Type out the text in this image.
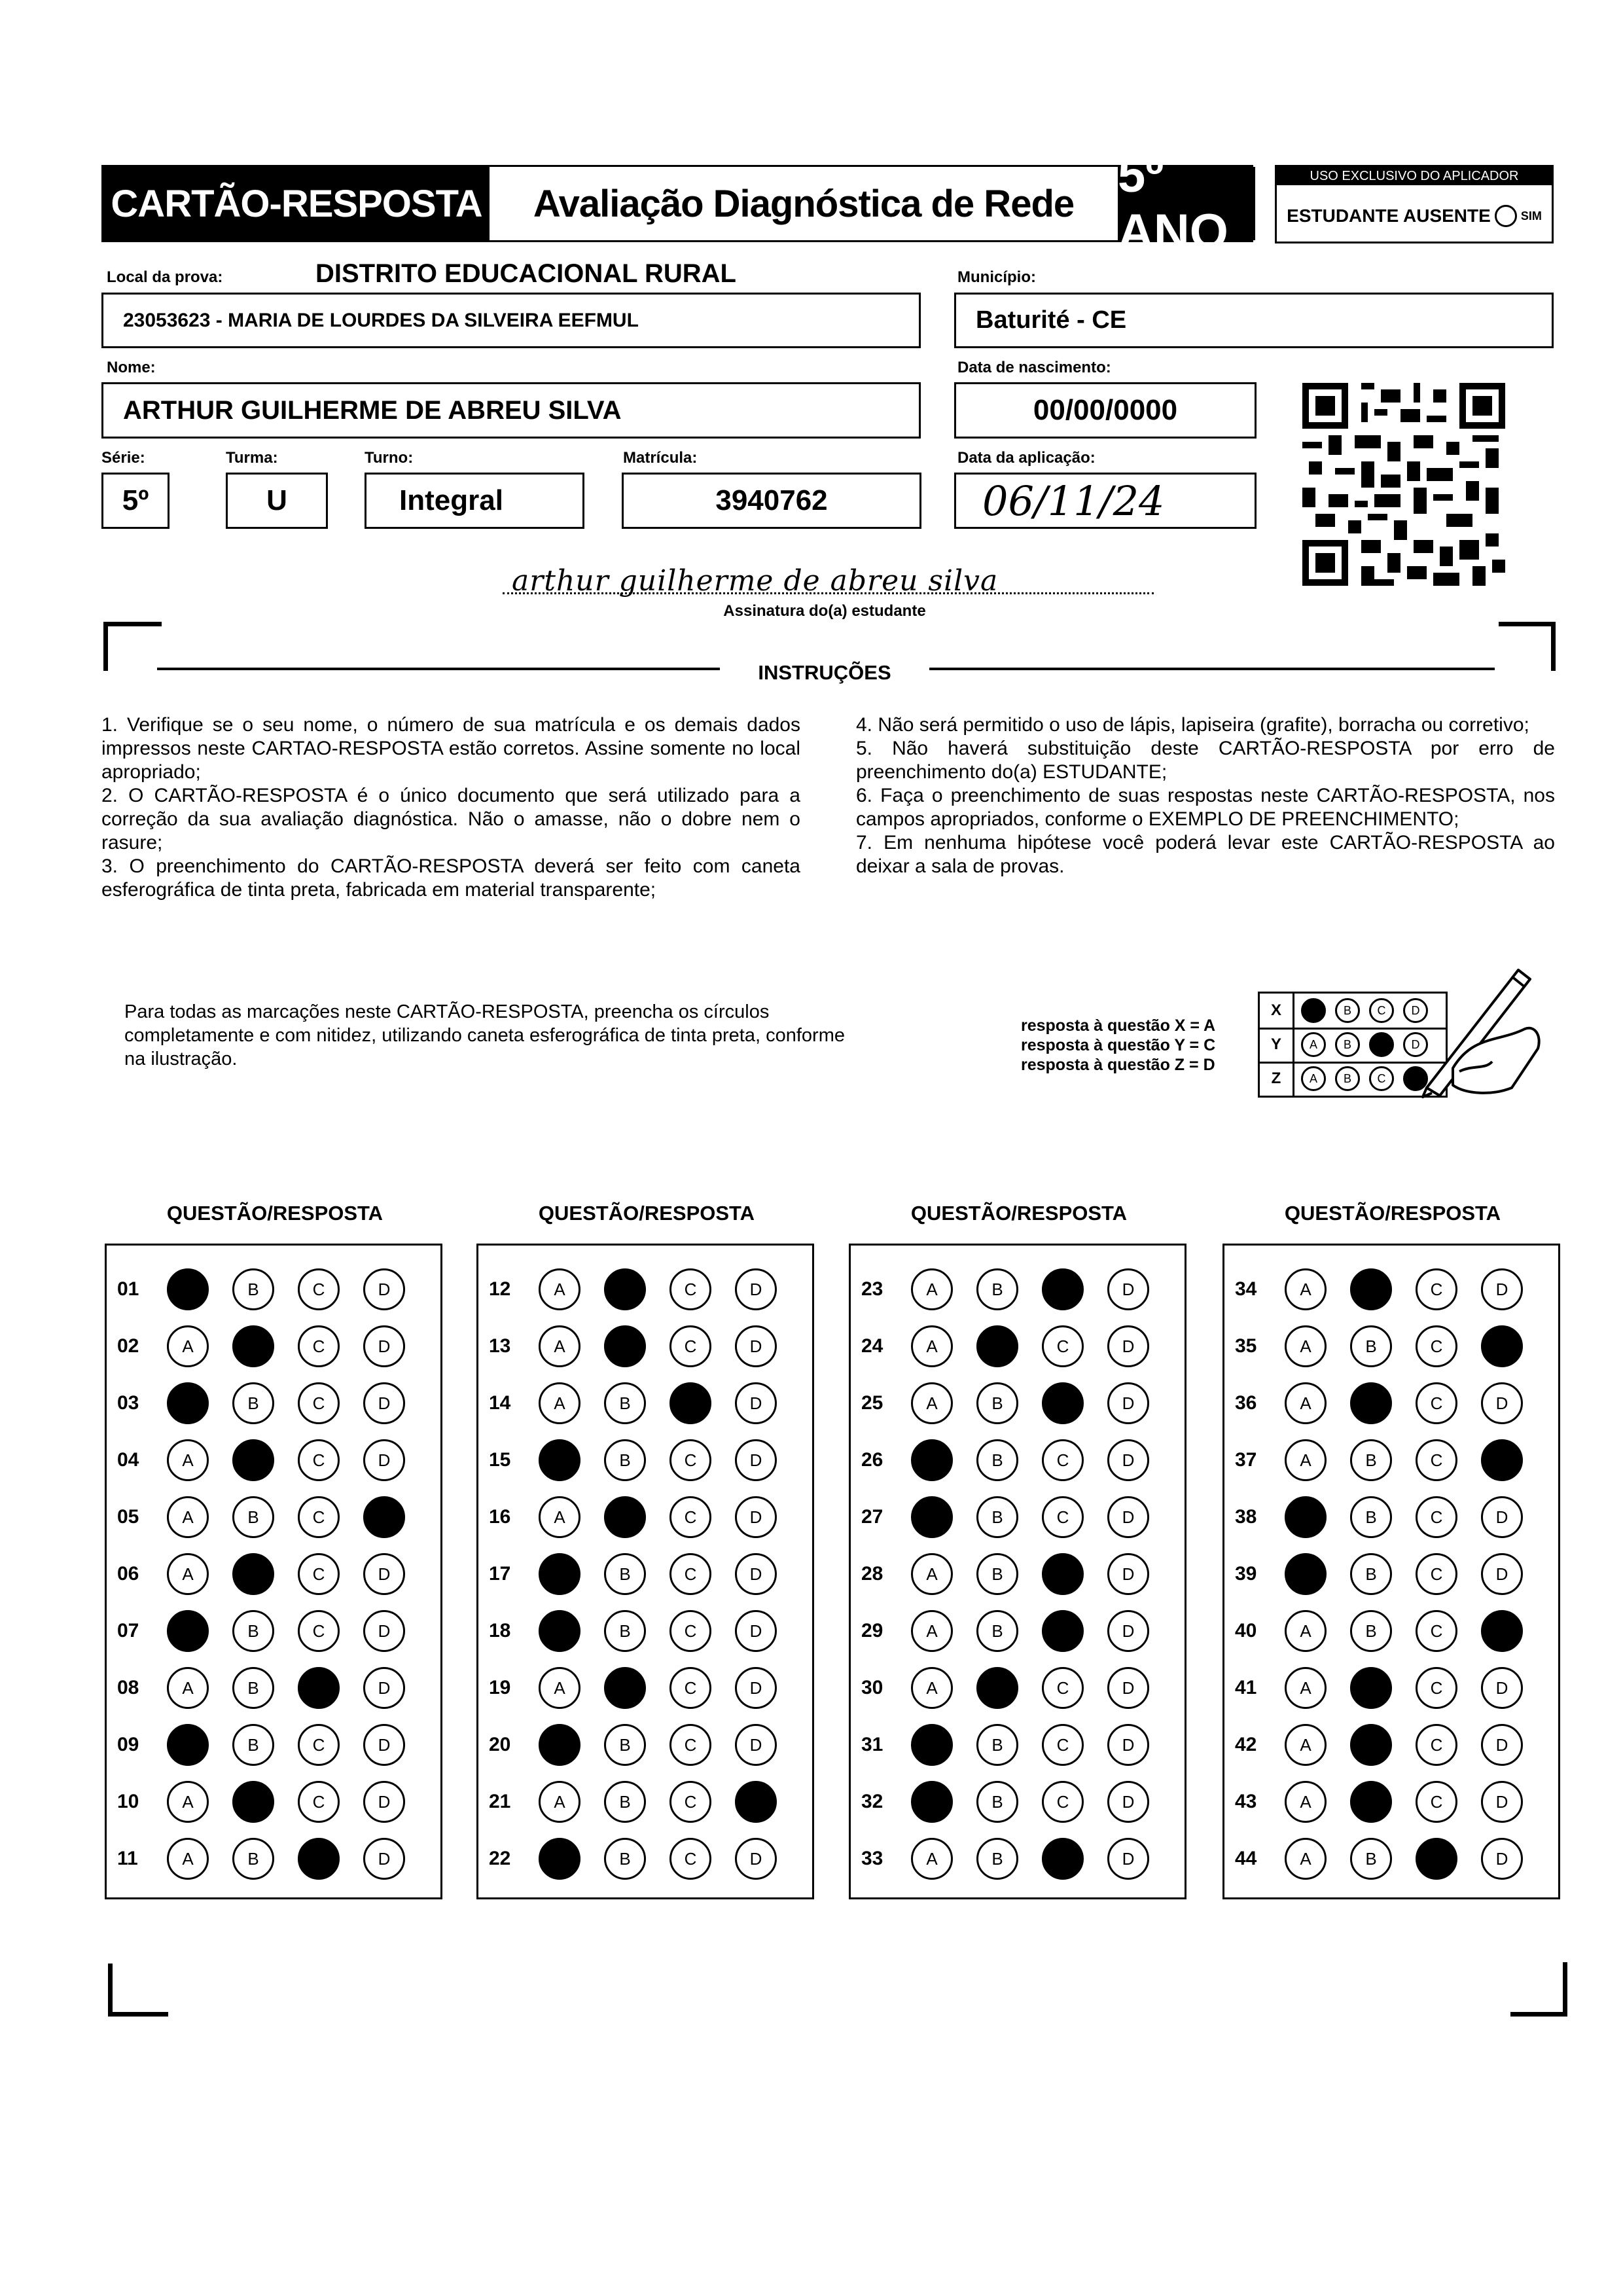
CARTÃO-RESPOSTA	Avaliação Diagnóstica de Rede
5º ANO
USO EXCLUSIVO DO APLICADOR
ESTUDANTE AUSENTE	SIM
Local da prova:	DISTRITO EDUCACIONAL RURAL
23053623 - MARIA DE LOURDES DA SILVEIRA EEFMUL
Município:
Baturité - CE
Nome:
ARTHUR GUILHERME DE ABREU SILVA
Data de nascimento:
00/00/0000
Série:
5º
Turma:
U
Turno:
Integral
Matrícula:
3940762
Data da aplicação:
06/11/24
arthur guilherme de abreu silva
Assinatura do(a) estudante
INSTRUÇÕES

1. Verifique se o seu nome, o número de sua matrícula e os demais dados impressos neste CARTAO-RESPOSTA estão corretos. Assine somente no local apropriado;

2. O CARTÃO-RESPOSTA é o único documento que será utilizado para a correção da sua avaliação diagnóstica. Não o amasse, não o dobre nem o rasure;

3. O preenchimento do CARTÃO-RESPOSTA deverá ser feito com caneta esferográfica de tinta preta, fabricada em material transparente;

4. Não será permitido o uso de lápis, lapiseira (grafite), borracha ou corretivo;

5. Não haverá substituição deste CARTÃO-RESPOSTA por erro de preenchimento do(a) ESTUDANTE;

6. Faça o preenchimento de suas respostas neste CARTÃO-RESPOSTA, nos campos apropriados, conforme o EXEMPLO DE PREENCHIMENTO;

7. Em nenhuma hipótese você poderá levar este CARTÃO-RESPOSTA ao deixar a sala de provas.

Para todas as marcações neste CARTÃO-RESPOSTA, preencha os círculos completamente e com nitidez, utilizando caneta esferográfica de tinta preta, conforme na ilustração.
resposta à questão X = A
resposta à questão Y = C
resposta à questão Z = D
X	A	B	C	D
Y	A	B	C	D
Z	A	B	C	D
QUESTÃO/RESPOSTA
01	A	B	C	D
02	A	B	C	D
03	A	B	C	D
04	A	B	C	D
05	A	B	C	D
06	A	B	C	D
07	A	B	C	D
08	A	B	C	D
09	A	B	C	D
10	A	B	C	D
11	A	B	C	D
QUESTÃO/RESPOSTA
12	A	B	C	D
13	A	B	C	D
14	A	B	C	D
15	A	B	C	D
16	A	B	C	D
17	A	B	C	D
18	A	B	C	D
19	A	B	C	D
20	A	B	C	D
21	A	B	C	D
22	A	B	C	D
QUESTÃO/RESPOSTA
23	A	B	C	D
24	A	B	C	D
25	A	B	C	D
26	A	B	C	D
27	A	B	C	D
28	A	B	C	D
29	A	B	C	D
30	A	B	C	D
31	A	B	C	D
32	A	B	C	D
33	A	B	C	D
QUESTÃO/RESPOSTA
34	A	B	C	D
35	A	B	C	D
36	A	B	C	D
37	A	B	C	D
38	A	B	C	D
39	A	B	C	D
40	A	B	C	D
41	A	B	C	D
42	A	B	C	D
43	A	B	C	D
44	A	B	C	D
